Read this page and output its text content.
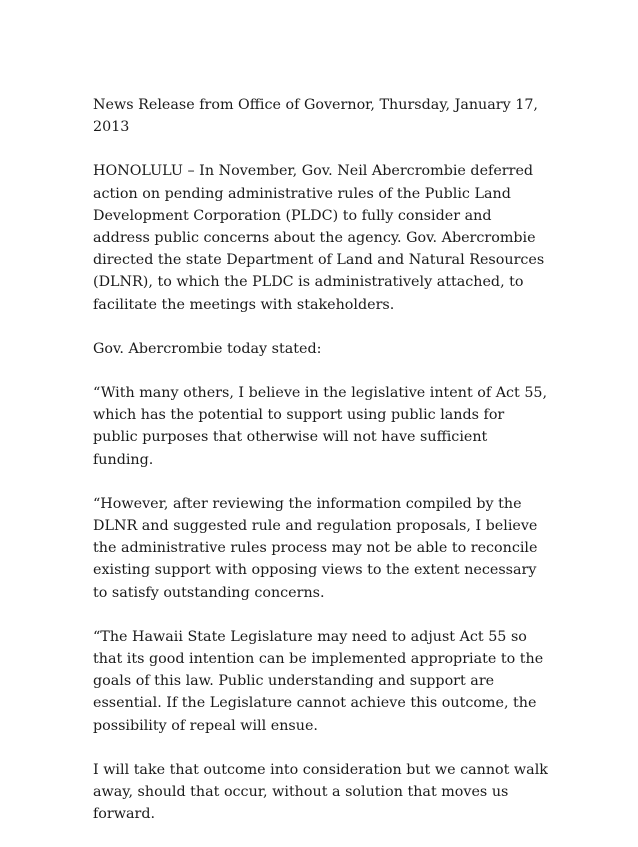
News Release from Office of Governor, Thursday, January 17, 2013

HONOLULU – In November, Gov. Neil Abercrombie deferred action on pending administrative rules of the Public Land Development Corporation (PLDC) to fully consider and address public concerns about the agency. Gov. Abercrombie directed the state Department of Land and Natural Resources (DLNR), to which the PLDC is administratively attached, to facilitate the meetings with stakeholders.

Gov. Abercrombie today stated:

“With many others, I believe in the legislative intent of Act 55, which has the potential to support using public lands for public purposes that otherwise will not have sufficient funding.

“However, after reviewing the information compiled by the DLNR and suggested rule and regulation proposals, I believe the administrative rules process may not be able to reconcile existing support with opposing views to the extent necessary to satisfy outstanding concerns.

“The Hawaii State Legislature may need to adjust Act 55 so that its good intention can be implemented appropriate to the goals of this law. Public understanding and support are essential. If the Legislature cannot achieve this outcome, the possibility of repeal will ensue.

I will take that outcome into consideration but we cannot walk away, should that occur, without a solution that moves us forward.
